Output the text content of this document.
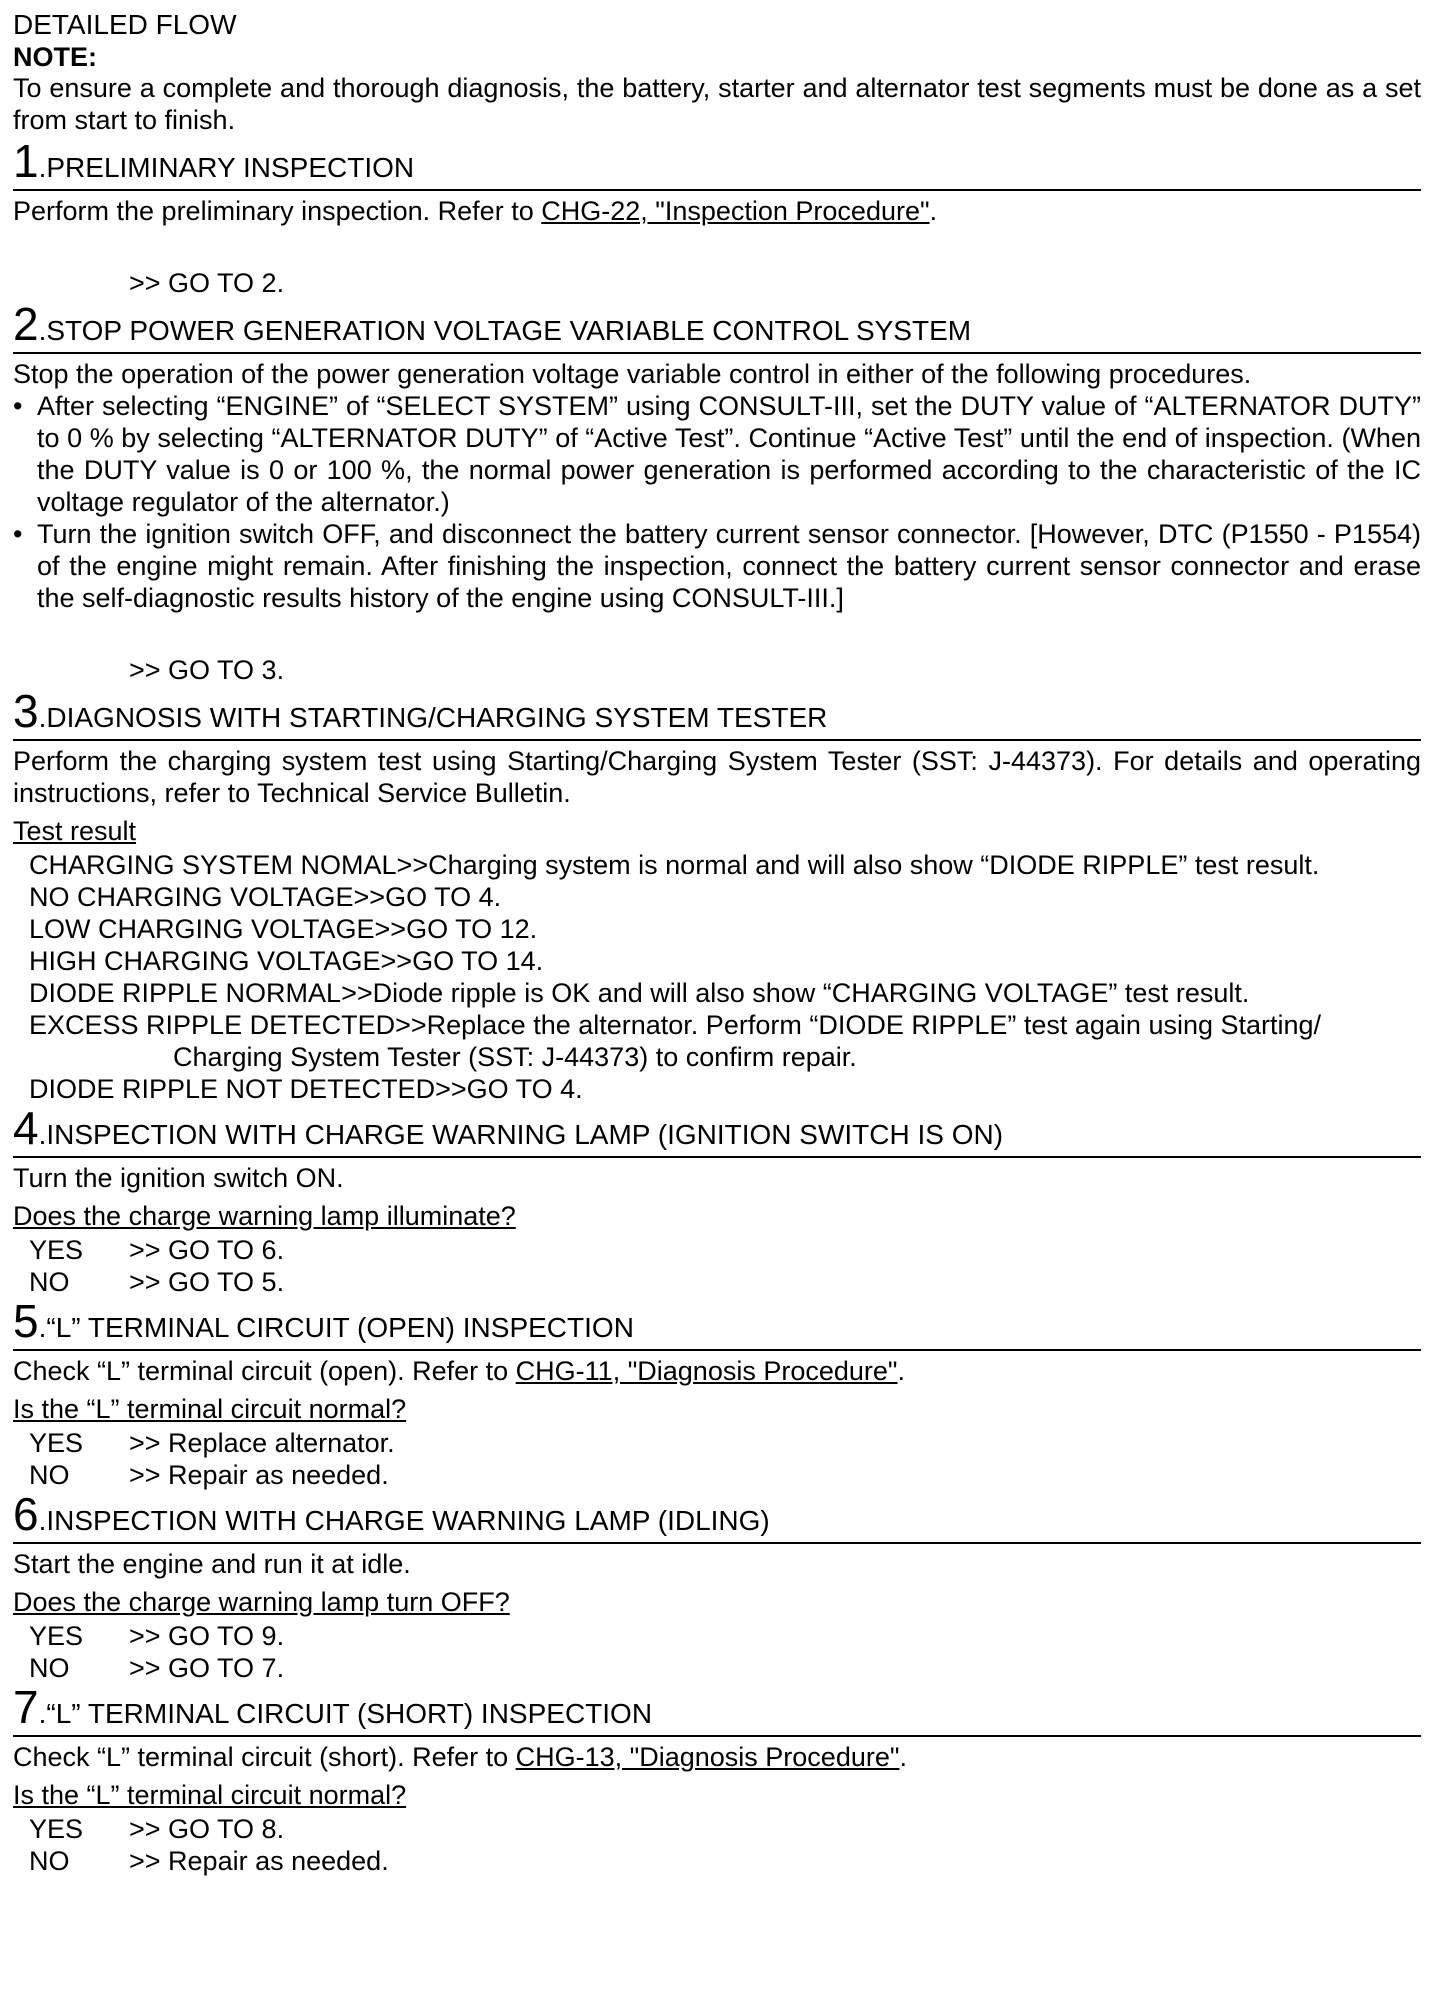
DETAILED FLOW
NOTE:
To ensure a complete and thorough diagnosis, the battery, starter and alternator test segments must be done as a set from start to finish.
1 . PRELIMINARY INSPECTION
Perform the preliminary inspection. Refer to CHG-22, "Inspection Procedure".
>> GO TO 2.
2 . STOP POWER GENERATION VOLTAGE VARIABLE CONTROL SYSTEM
Stop the operation of the power generation voltage variable control in either of the following procedures.
• After selecting “ENGINE” of “SELECT SYSTEM” using CONSULT-III, set the DUTY value of “ALTERNATOR DUTY” to 0 % by selecting “ALTERNATOR DUTY” of “Active Test”. Continue “Active Test” until the end of inspection. (When the DUTY value is 0 or 100 %, the normal power generation is performed according to the characteristic of the IC voltage regulator of the alternator.)
• Turn the ignition switch OFF, and disconnect the battery current sensor connector. [However, DTC (P1550 - P1554) of the engine might remain. After finishing the inspection, connect the battery current sensor connector and erase the self-diagnostic results history of the engine using CONSULT-III.]
>> GO TO 3.
3 . DIAGNOSIS WITH STARTING/CHARGING SYSTEM TESTER
Perform the charging system test using Starting/Charging System Tester (SST: J-44373). For details and operating instructions, refer to Technical Service Bulletin.
Test result
CHARGING SYSTEM NOMAL>>Charging system is normal and will also show “DIODE RIPPLE” test result.
NO CHARGING VOLTAGE>>GO TO 4.
LOW CHARGING VOLTAGE>>GO TO 12.
HIGH CHARGING VOLTAGE>>GO TO 14.
DIODE RIPPLE NORMAL>>Diode ripple is OK and will also show “CHARGING VOLTAGE” test result.
EXCESS RIPPLE DETECTED>>Replace the alternator. Perform “DIODE RIPPLE” test again using Starting/
Charging System Tester (SST: J-44373) to confirm repair.
DIODE RIPPLE NOT DETECTED>>GO TO 4.
4 . INSPECTION WITH CHARGE WARNING LAMP (IGNITION SWITCH IS ON)
Turn the ignition switch ON.
Does the charge warning lamp illuminate?
YES	>> GO TO 6.
NO	>> GO TO 5.
5 . “L” TERMINAL CIRCUIT (OPEN) INSPECTION
Check “L” terminal circuit (open). Refer to CHG-11, "Diagnosis Procedure".
Is the “L” terminal circuit normal?
YES	>> Replace alternator.
NO	>> Repair as needed.
6 . INSPECTION WITH CHARGE WARNING LAMP (IDLING)
Start the engine and run it at idle.
Does the charge warning lamp turn OFF?
YES	>> GO TO 9.
NO	>> GO TO 7.
7 . “L” TERMINAL CIRCUIT (SHORT) INSPECTION
Check “L” terminal circuit (short). Refer to CHG-13, "Diagnosis Procedure".
Is the “L” terminal circuit normal?
YES	>> GO TO 8.
NO	>> Repair as needed.
